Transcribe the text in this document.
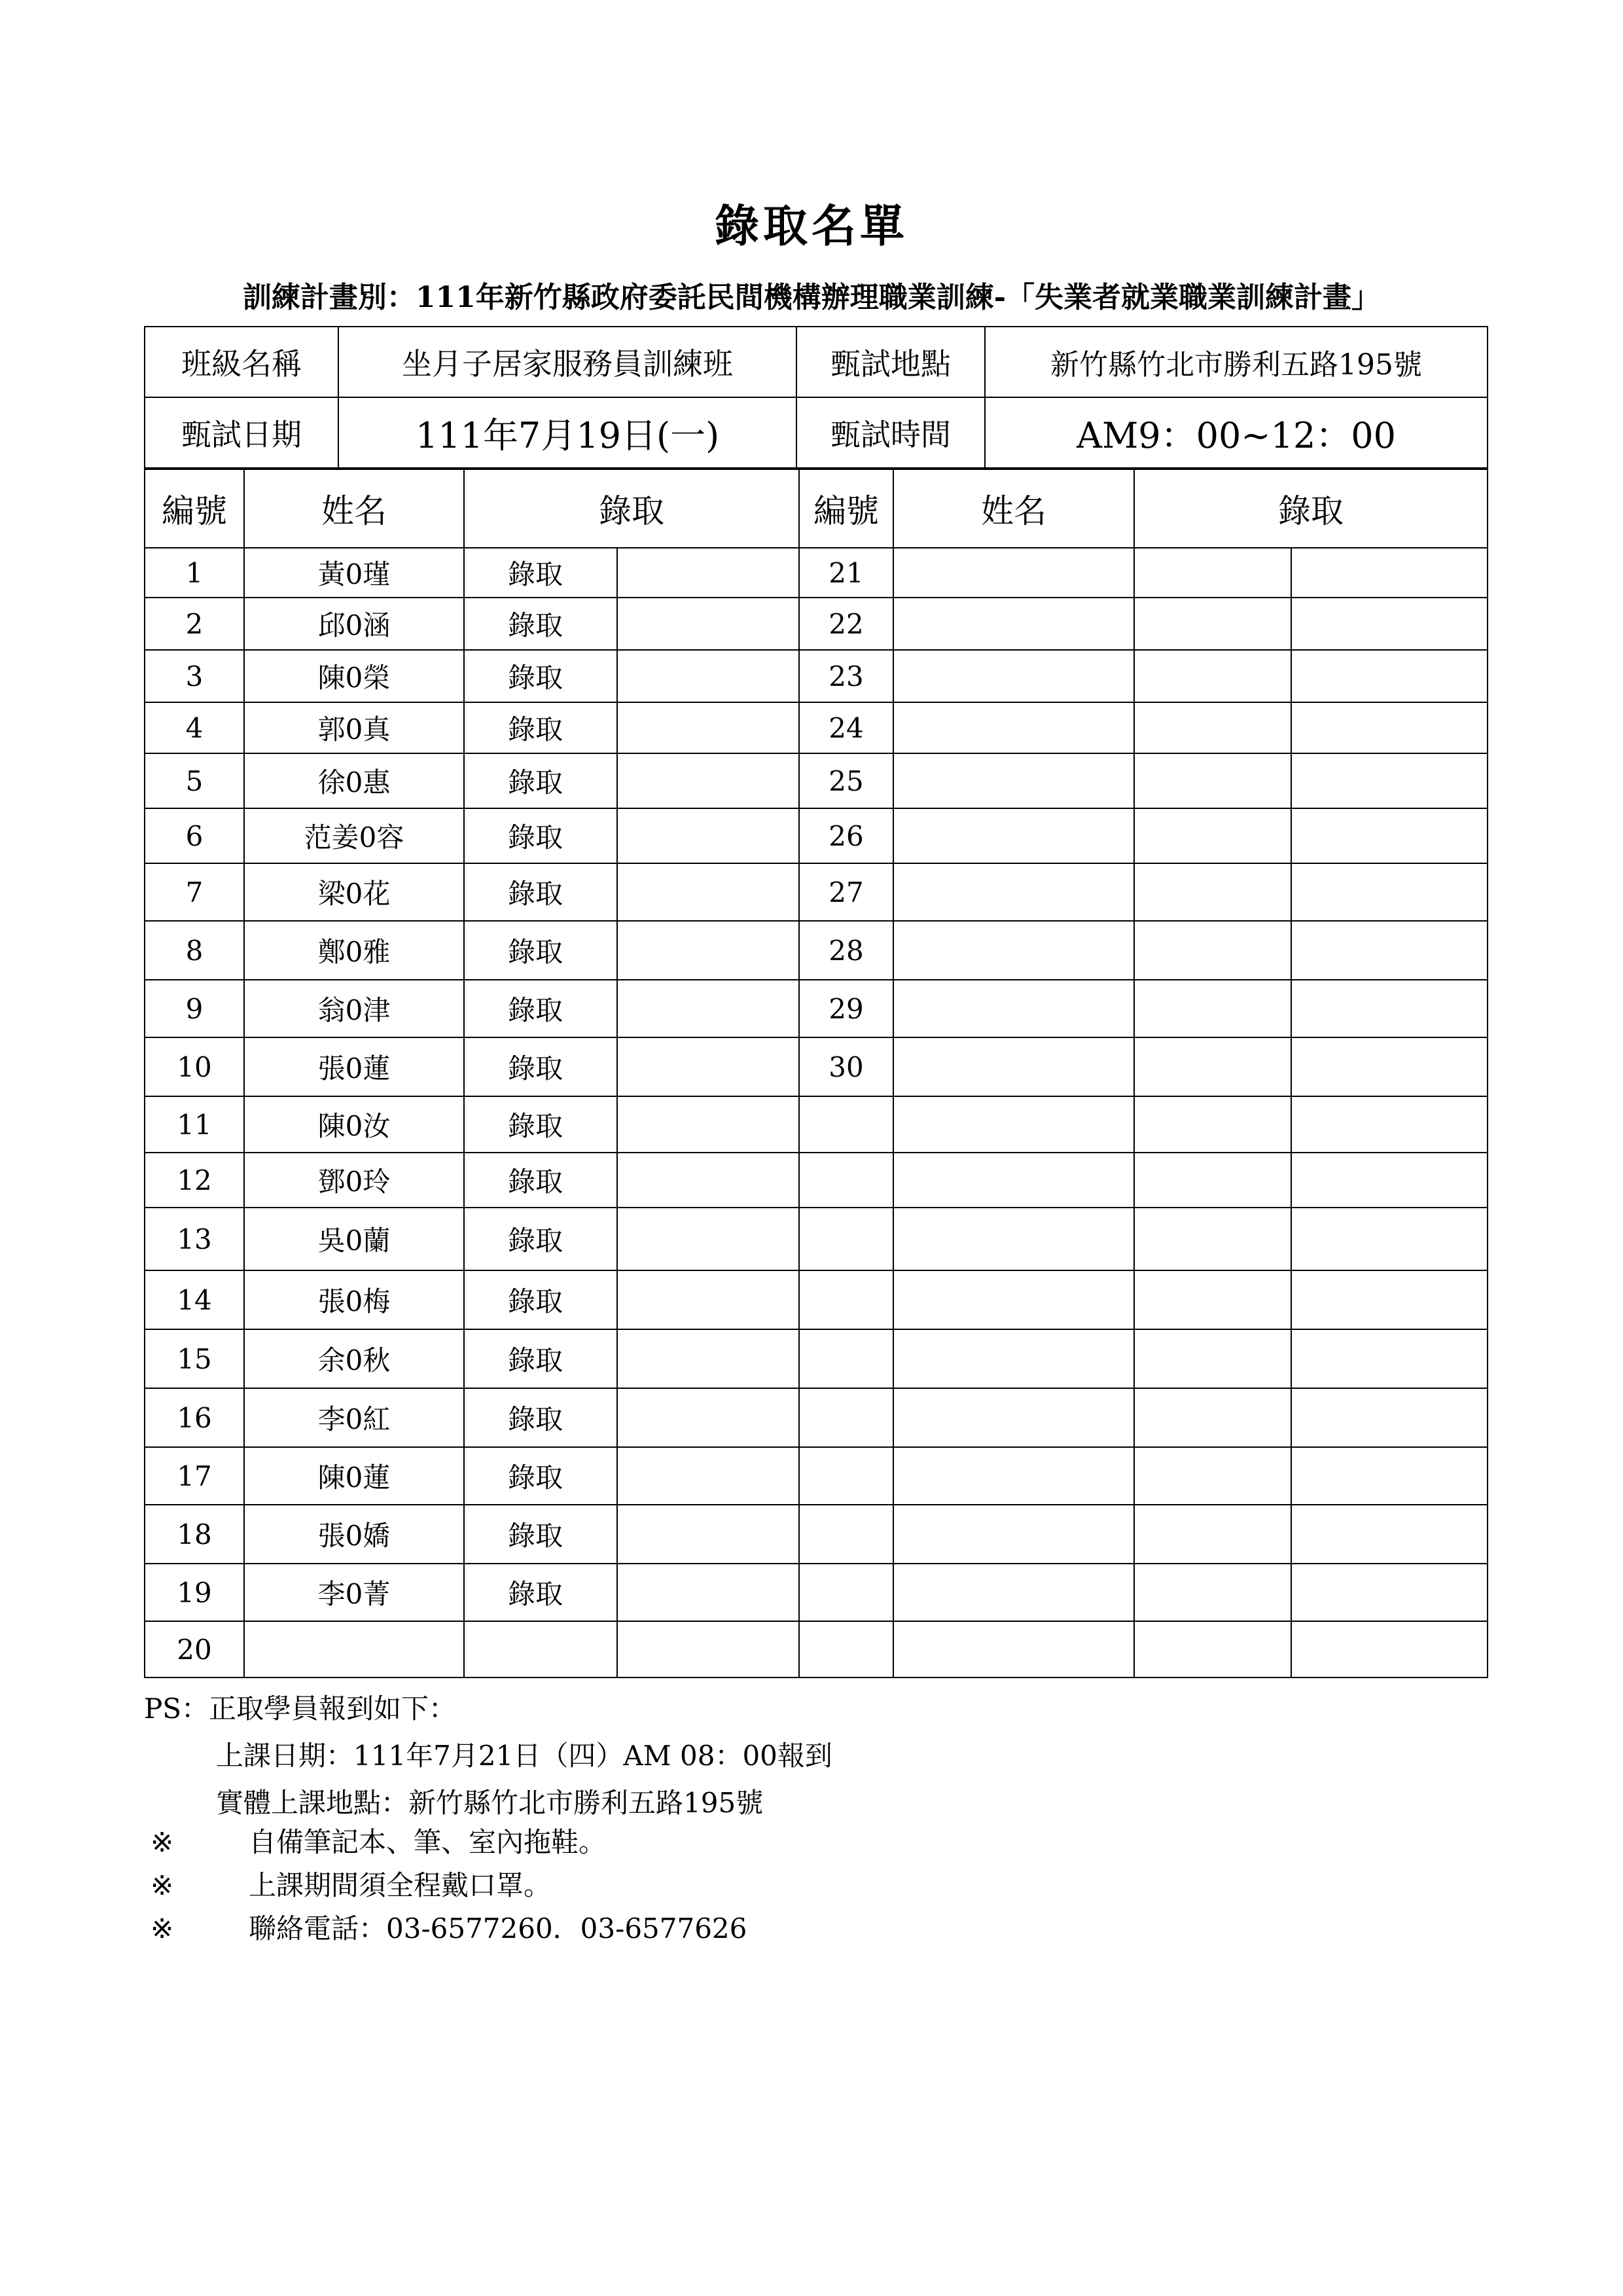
錄取名單
訓練計畫別：111年新竹縣政府委託民間機構辦理職業訓練-「失業者就業職業訓練計畫」
班級名稱	坐月子居家服務員訓練班	甄試地點	新竹縣竹北市勝利五路195號
甄試日期	111年7月19日(一)	甄試時間	AM9：00~12：00
編號	姓名	錄取		編號	姓名	錄取	
1	黃0瑾	錄取		21			
2	邱0涵	錄取		22			
3	陳0榮	錄取		23			
4	郭0真	錄取		24			
5	徐0惠	錄取		25			
6	范姜0容	錄取		26			
7	梁0花	錄取		27			
8	鄭0雅	錄取		28			
9	翁0津	錄取		29			
10	張0蓮	錄取		30			
11	陳0汝	錄取					
12	鄧0玲	錄取					
13	吳0蘭	錄取					
14	張0梅	錄取					
15	余0秋	錄取					
16	李0紅	錄取					
17	陳0蓮	錄取					
18	張0嬌	錄取					
19	李0菁	錄取					
20							
PS：正取學員報到如下：
上課日期：111年7月21日（四）AM 08：00報到
實體上課地點：新竹縣竹北市勝利五路195號
※	自備筆記本、筆、室內拖鞋。
※	上課期間須全程戴口罩。
※	聯絡電話：03-6577260．03-6577626
